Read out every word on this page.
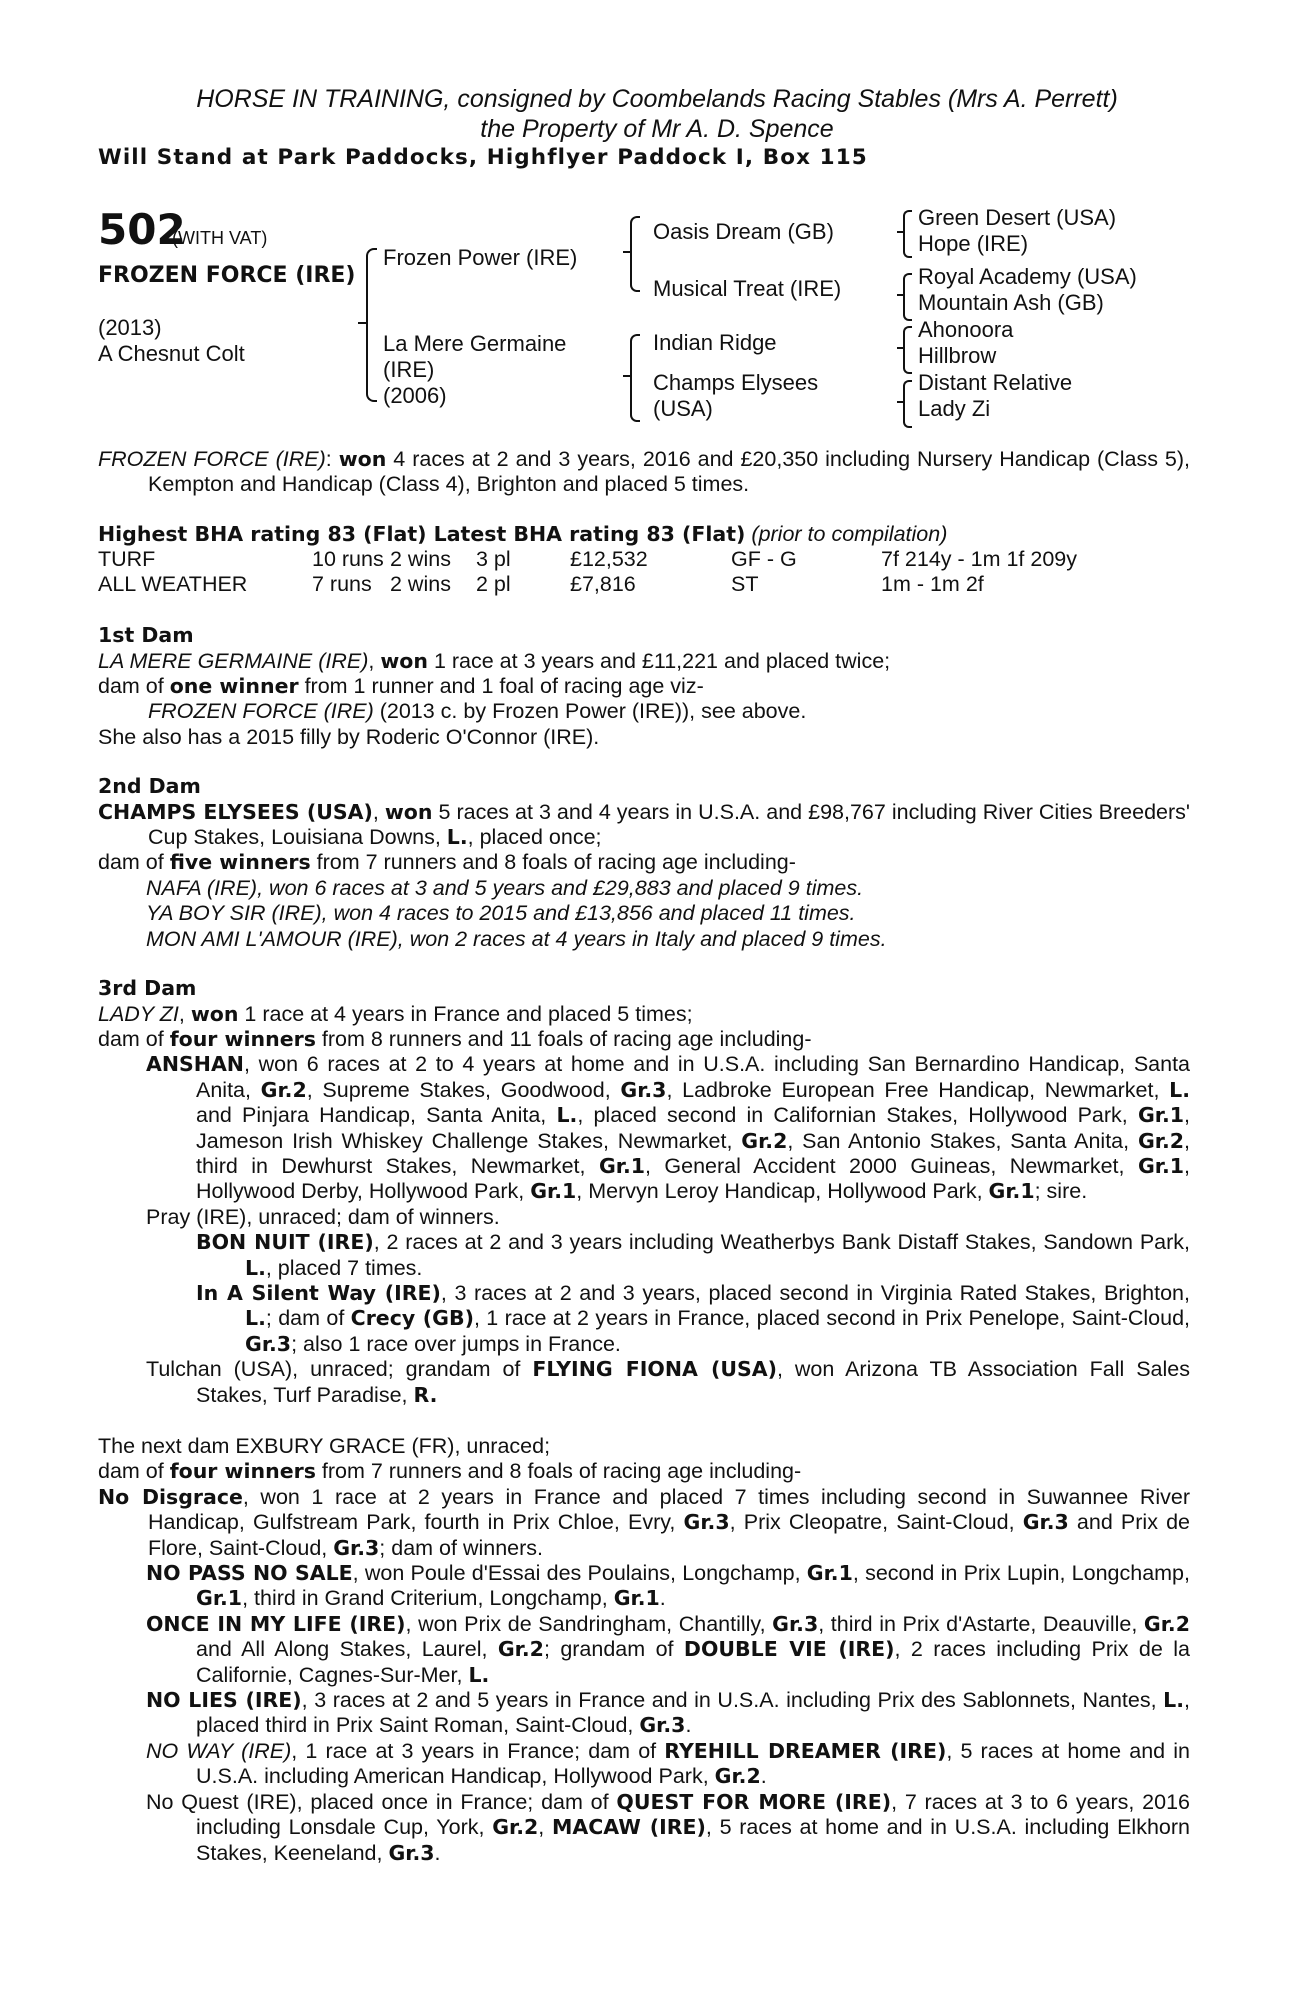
HORSE IN TRAINING, consigned by Coombelands Racing Stables (Mrs A. Perrett)
the Property of Mr A. D. Spence
Will Stand at Park Paddocks, Highflyer Paddock I, Box 115
502
(WITH VAT)
FROZEN FORCE (IRE)
(2013)
A Chesnut Colt
Frozen Power (IRE)
La Mere Germaine
(IRE)
(2006)
Oasis Dream (GB)
Musical Treat (IRE)
Indian Ridge
Champs Elysees
(USA)
Green Desert (USA)
Hope (IRE)
Royal Academy (USA)
Mountain Ash (GB)
Ahonoora
Hillbrow
Distant Relative
Lady Zi

FROZEN FORCE (IRE): won 4 races at 2 and 3 years, 2016 and £20,350 including Nursery Handicap (Class 5), Kempton and Handicap (Class 4), Brighton and placed 5 times.

Highest BHA rating 83 (Flat) Latest BHA rating 83 (Flat) (prior to compilation)

TURF	10 runs 2 wins 3 pl	£12,532	GF - G	7f 214y - 1m 1f 209y
ALL WEATHER	7 runs 2 wins 2 pl	£7,816	ST	1m - 1m 2f

1st Dam

LA MERE GERMAINE (IRE), won 1 race at 3 years and £11,221 and placed twice;

dam of one winner from 1 runner and 1 foal of racing age viz-

FROZEN FORCE (IRE) (2013 c. by Frozen Power (IRE)), see above.

She also has a 2015 filly by Roderic O'Connor (IRE).

2nd Dam

CHAMPS ELYSEES (USA), won 5 races at 3 and 4 years in U.S.A. and £98,767 including River Cities Breeders' Cup Stakes, Louisiana Downs, L., placed once;

dam of five winners from 7 runners and 8 foals of racing age including-

NAFA (IRE), won 6 races at 3 and 5 years and £29,883 and placed 9 times.

YA BOY SIR (IRE), won 4 races to 2015 and £13,856 and placed 11 times.

MON AMI L'AMOUR (IRE), won 2 races at 4 years in Italy and placed 9 times.

3rd Dam

LADY ZI, won 1 race at 4 years in France and placed 5 times;

dam of four winners from 8 runners and 11 foals of racing age including-

ANSHAN, won 6 races at 2 to 4 years at home and in U.S.A. including San Bernardino Handicap, Santa Anita, Gr.2, Supreme Stakes, Goodwood, Gr.3, Ladbroke European Free Handicap, Newmarket, L. and Pinjara Handicap, Santa Anita, L., placed second in Californian Stakes, Hollywood Park, Gr.1, Jameson Irish Whiskey Challenge Stakes, Newmarket, Gr.2, San Antonio Stakes, Santa Anita, Gr.2, third in Dewhurst Stakes, Newmarket, Gr.1, General Accident 2000 Guineas, Newmarket, Gr.1, Hollywood Derby, Hollywood Park, Gr.1, Mervyn Leroy Handicap, Hollywood Park, Gr.1; sire.

Pray (IRE), unraced; dam of winners.

BON NUIT (IRE), 2 races at 2 and 3 years including Weatherbys Bank Distaff Stakes, Sandown Park, L., placed 7 times.

In A Silent Way (IRE), 3 races at 2 and 3 years, placed second in Virginia Rated Stakes, Brighton, L.; dam of Crecy (GB), 1 race at 2 years in France, placed second in Prix Penelope, Saint-Cloud, Gr.3; also 1 race over jumps in France.

Tulchan (USA), unraced; grandam of FLYING FIONA (USA), won Arizona TB Association Fall Sales Stakes, Turf Paradise, R.

The next dam EXBURY GRACE (FR), unraced;

dam of four winners from 7 runners and 8 foals of racing age including-

No Disgrace, won 1 race at 2 years in France and placed 7 times including second in Suwannee River Handicap, Gulfstream Park, fourth in Prix Chloe, Evry, Gr.3, Prix Cleopatre, Saint-Cloud, Gr.3 and Prix de Flore, Saint-Cloud, Gr.3; dam of winners.

NO PASS NO SALE, won Poule d'Essai des Poulains, Longchamp, Gr.1, second in Prix Lupin, Longchamp, Gr.1, third in Grand Criterium, Longchamp, Gr.1.

ONCE IN MY LIFE (IRE), won Prix de Sandringham, Chantilly, Gr.3, third in Prix d'Astarte, Deauville, Gr.2 and All Along Stakes, Laurel, Gr.2; grandam of DOUBLE VIE (IRE), 2 races including Prix de la Californie, Cagnes-Sur-Mer, L.

NO LIES (IRE), 3 races at 2 and 5 years in France and in U.S.A. including Prix des Sablonnets, Nantes, L., placed third in Prix Saint Roman, Saint-Cloud, Gr.3.

NO WAY (IRE), 1 race at 3 years in France; dam of RYEHILL DREAMER (IRE), 5 races at home and in U.S.A. including American Handicap, Hollywood Park, Gr.2.

No Quest (IRE), placed once in France; dam of QUEST FOR MORE (IRE), 7 races at 3 to 6 years, 2016 including Lonsdale Cup, York, Gr.2, MACAW (IRE), 5 races at home and in U.S.A. including Elkhorn Stakes, Keeneland, Gr.3.
